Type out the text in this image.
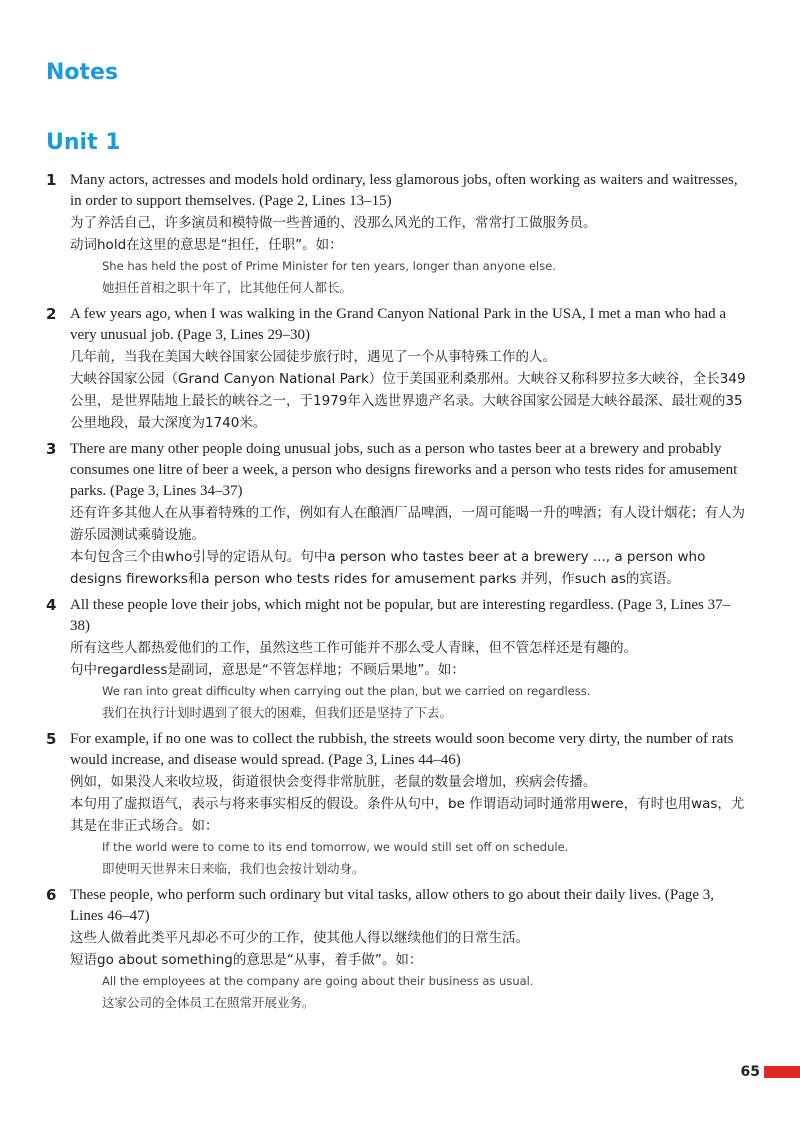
Notes
Unit 1
1 Many actors, actresses and models hold ordinary, less glamorous jobs, often working as waiters and waitresses, in order to support themselves. (Page 2, Lines 13–15)

为了养活自己，许多演员和模特做一些普通的、没那么风光的工作，常常打工做服务员。

动词hold在这里的意思是“担任，任职”。如：

She has held the post of Prime Minister for ten years, longer than anyone else.

她担任首相之职十年了，比其他任何人都长。

2 A few years ago, when I was walking in the Grand Canyon National Park in the USA, I met a man who had a very unusual job. (Page 3, Lines 29–30)

几年前，当我在美国大峡谷国家公园徒步旅行时，遇见了一个从事特殊工作的人。

大峡谷国家公园（Grand Canyon National Park）位于美国亚利桑那州。大峡谷又称科罗拉多大峡谷，全长349公里，是世界陆地上最长的峡谷之一，于1979年入选世界遗产名录。大峡谷国家公园是大峡谷最深、最壮观的35公里地段，最大深度为1740米。

3 There are many other people doing unusual jobs, such as a person who tastes beer at a brewery and probably consumes one litre of beer a week, a person who designs fireworks and a person who tests rides for amusement parks. (Page 3, Lines 34–37)

还有许多其他人在从事着特殊的工作，例如有人在酿酒厂品啤酒，一周可能喝一升的啤酒；有人设计烟花；有人为游乐园测试乘骑设施。

本句包含三个由who引导的定语从句。句中a person who tastes beer at a brewery ..., a person who designs fireworks和a person who tests rides for amusement parks 并列，作such as的宾语。

4 All these people love their jobs, which might not be popular, but are interesting regardless. (Page 3, Lines 37–38)

所有这些人都热爱他们的工作，虽然这些工作可能并不那么受人青睐，但不管怎样还是有趣的。

句中regardless是副词，意思是“不管怎样地；不顾后果地”。如：

We ran into great difficulty when carrying out the plan, but we carried on regardless.

我们在执行计划时遇到了很大的困难，但我们还是坚持了下去。

5 For example, if no one was to collect the rubbish, the streets would soon become very dirty, the number of rats would increase, and disease would spread. (Page 3, Lines 44–46)

例如，如果没人来收垃圾，街道很快会变得非常肮脏，老鼠的数量会增加，疾病会传播。

本句用了虚拟语气，表示与将来事实相反的假设。条件从句中，be 作谓语动词时通常用were，有时也用was，尤其是在非正式场合。如：

If the world were to come to its end tomorrow, we would still set off on schedule.

即使明天世界末日来临，我们也会按计划动身。

6 These people, who perform such ordinary but vital tasks, allow others to go about their daily lives. (Page 3, Lines 46–47)

这些人做着此类平凡却必不可少的工作，使其他人得以继续他们的日常生活。

短语go about something的意思是“从事，着手做”。如：

All the employees at the company are going about their business as usual.

这家公司的全体员工在照常开展业务。

65
